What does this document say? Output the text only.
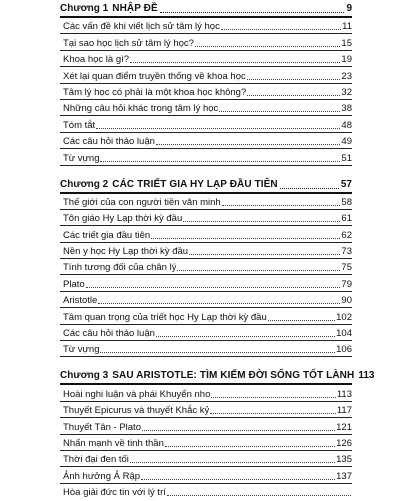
Chương 1 NHẬP ĐỀ	9
Các vấn đề khi viết lịch sử tâm lý học	11
Tại sao học lịch sử tâm lý học?	15
Khoa học là gì?	19
Xét lại quan điểm truyền thống về khoa học	23
Tâm lý học có phải là một khoa học không?	32
Những câu hỏi khác trong tâm lý học	38
Tóm tắt	48
Các câu hỏi thảo luận	49
Từ vựng	51
Chương 2 CÁC TRIẾT GIA HY LẠP ĐẦU TIÊN	57
Thế giới của con người tiền văn minh	58
Tôn giáo Hy Lạp thời kỳ đầu	61
Các triết gia đầu tiên	62
Nền y học Hy Lạp thời kỳ đầu	73
Tính tương đối của chân lý	75
Plato	79
Aristotle	90
Tầm quan trọng của triết học Hy Lạp thời kỳ đầu	102
Các câu hỏi thảo luận	104
Từ vựng	106
Chương 3 SAU ARISTOTLE: TÌM KIẾM ĐỜI SỐNG TỐT LÀNH 113
Hoài nghi luận và phái Khuyển nho	113
Thuyết Epicurus và thuyết Khắc kỷ	117
Thuyết Tân - Plato	121
Nhấn mạnh về tinh thần	126
Thời đại đen tối	135
Ảnh hưởng Ả Rập	137
Hòa giải đức tin với lý trí
